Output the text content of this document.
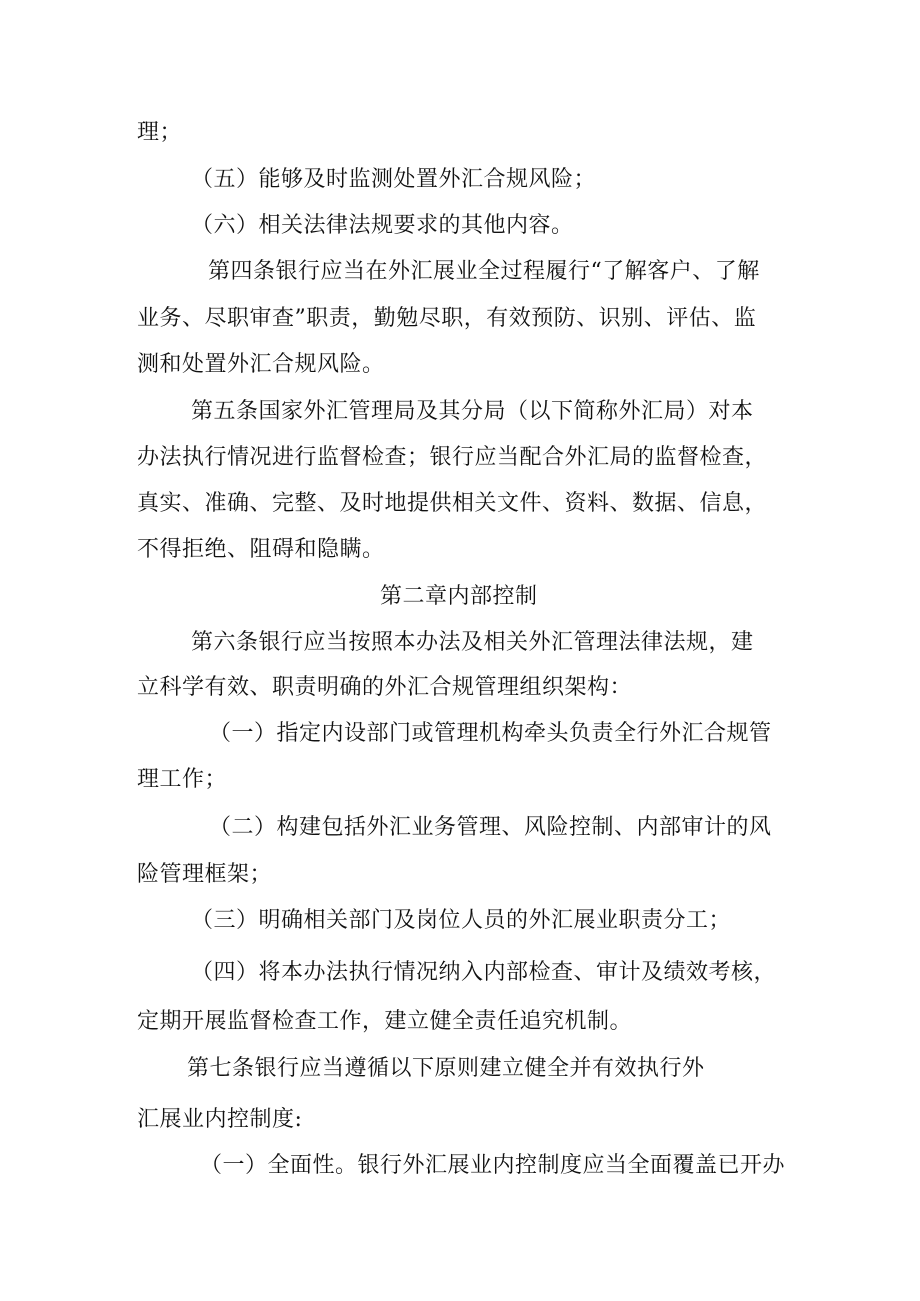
理；
（五）能够及时监测处置外汇合规风险；
（六）相关法律法规要求的其他内容。
第四条银行应当在外汇展业全过程履行“了解客户、了解
业务、尽职审查”职责，勤勉尽职，有效预防、识别、评估、监
测和处置外汇合规风险。
第五条国家外汇管理局及其分局（以下简称外汇局）对本
办法执行情况进行监督检查；银行应当配合外汇局的监督检查，
真实、准确、完整、及时地提供相关文件、资料、数据、信息，
不得拒绝、阻碍和隐瞒。
第二章内部控制
第六条银行应当按照本办法及相关外汇管理法律法规，建
立科学有效、职责明确的外汇合规管理组织架构：
（一）指定内设部门或管理机构牵头负责全行外汇合规管
理工作；
（二）构建包括外汇业务管理、风险控制、内部审计的风
险管理框架；
（三）明确相关部门及岗位人员的外汇展业职责分工；
（四）将本办法执行情况纳入内部检查、审计及绩效考核，
定期开展监督检查工作，建立健全责任追究机制。
第七条银行应当遵循以下原则建立健全并有效执行外
汇展业内控制度:
（一）全面性。银行外汇展业内控制度应当全面覆盖已开办
